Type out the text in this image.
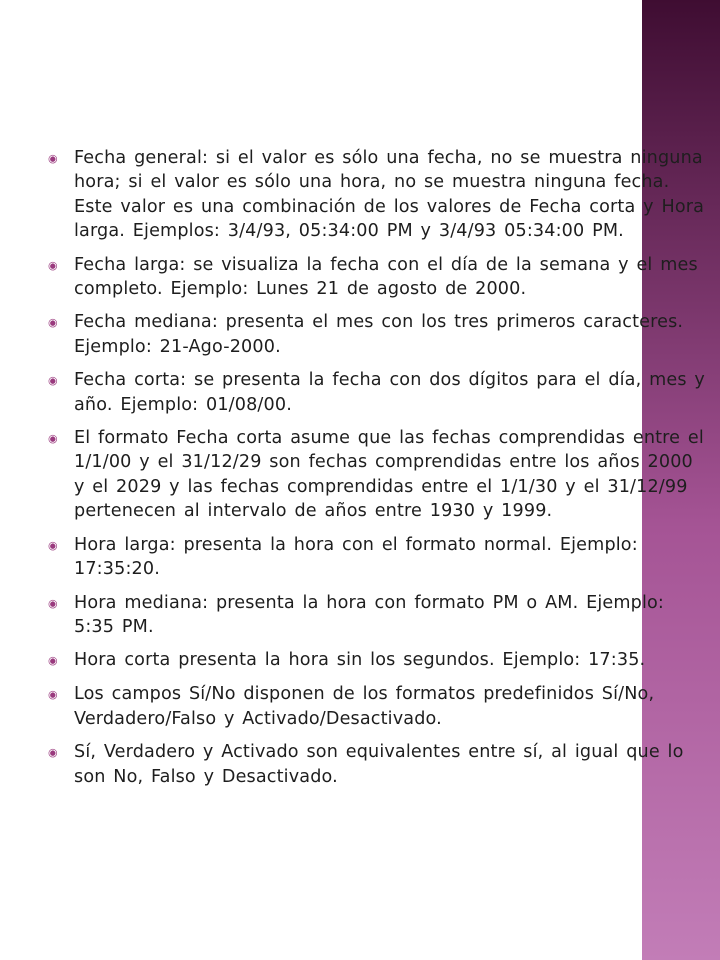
◉ Fecha general: si el valor es sólo una fecha, no se muestra ninguna hora; si el valor es sólo una hora, no se muestra ninguna fecha. Este valor es una combinación de los valores de Fecha corta y Hora larga. Ejemplos: 3/4/93, 05:34:00 PM y 3/4/93 05:34:00 PM.
◉ Fecha larga: se visualiza la fecha con el día de la semana y el mes completo. Ejemplo: Lunes 21 de agosto de 2000.
◉ Fecha mediana: presenta el mes con los tres primeros caracteres. Ejemplo: 21-Ago-2000.
◉ Fecha corta: se presenta la fecha con dos dígitos para el día, mes y año. Ejemplo: 01/08/00.
◉ El formato Fecha corta asume que las fechas comprendidas entre el 1/1/00 y el 31/12/29 son fechas comprendidas entre los años 2000 y el 2029 y las fechas comprendidas entre el 1/1/30 y el 31/12/99 pertenecen al intervalo de años entre 1930 y 1999.
◉ Hora larga: presenta la hora con el formato normal. Ejemplo: 17:35:20.
◉ Hora mediana: presenta la hora con formato PM o AM. Ejemplo: 5:35 PM.
◉ Hora corta presenta la hora sin los segundos. Ejemplo: 17:35.
◉ Los campos Sí/No disponen de los formatos predefinidos Sí/No, Verdadero/Falso y Activado/Desactivado.
◉ Sí, Verdadero y Activado son equivalentes entre sí, al igual que lo son No, Falso y Desactivado.
